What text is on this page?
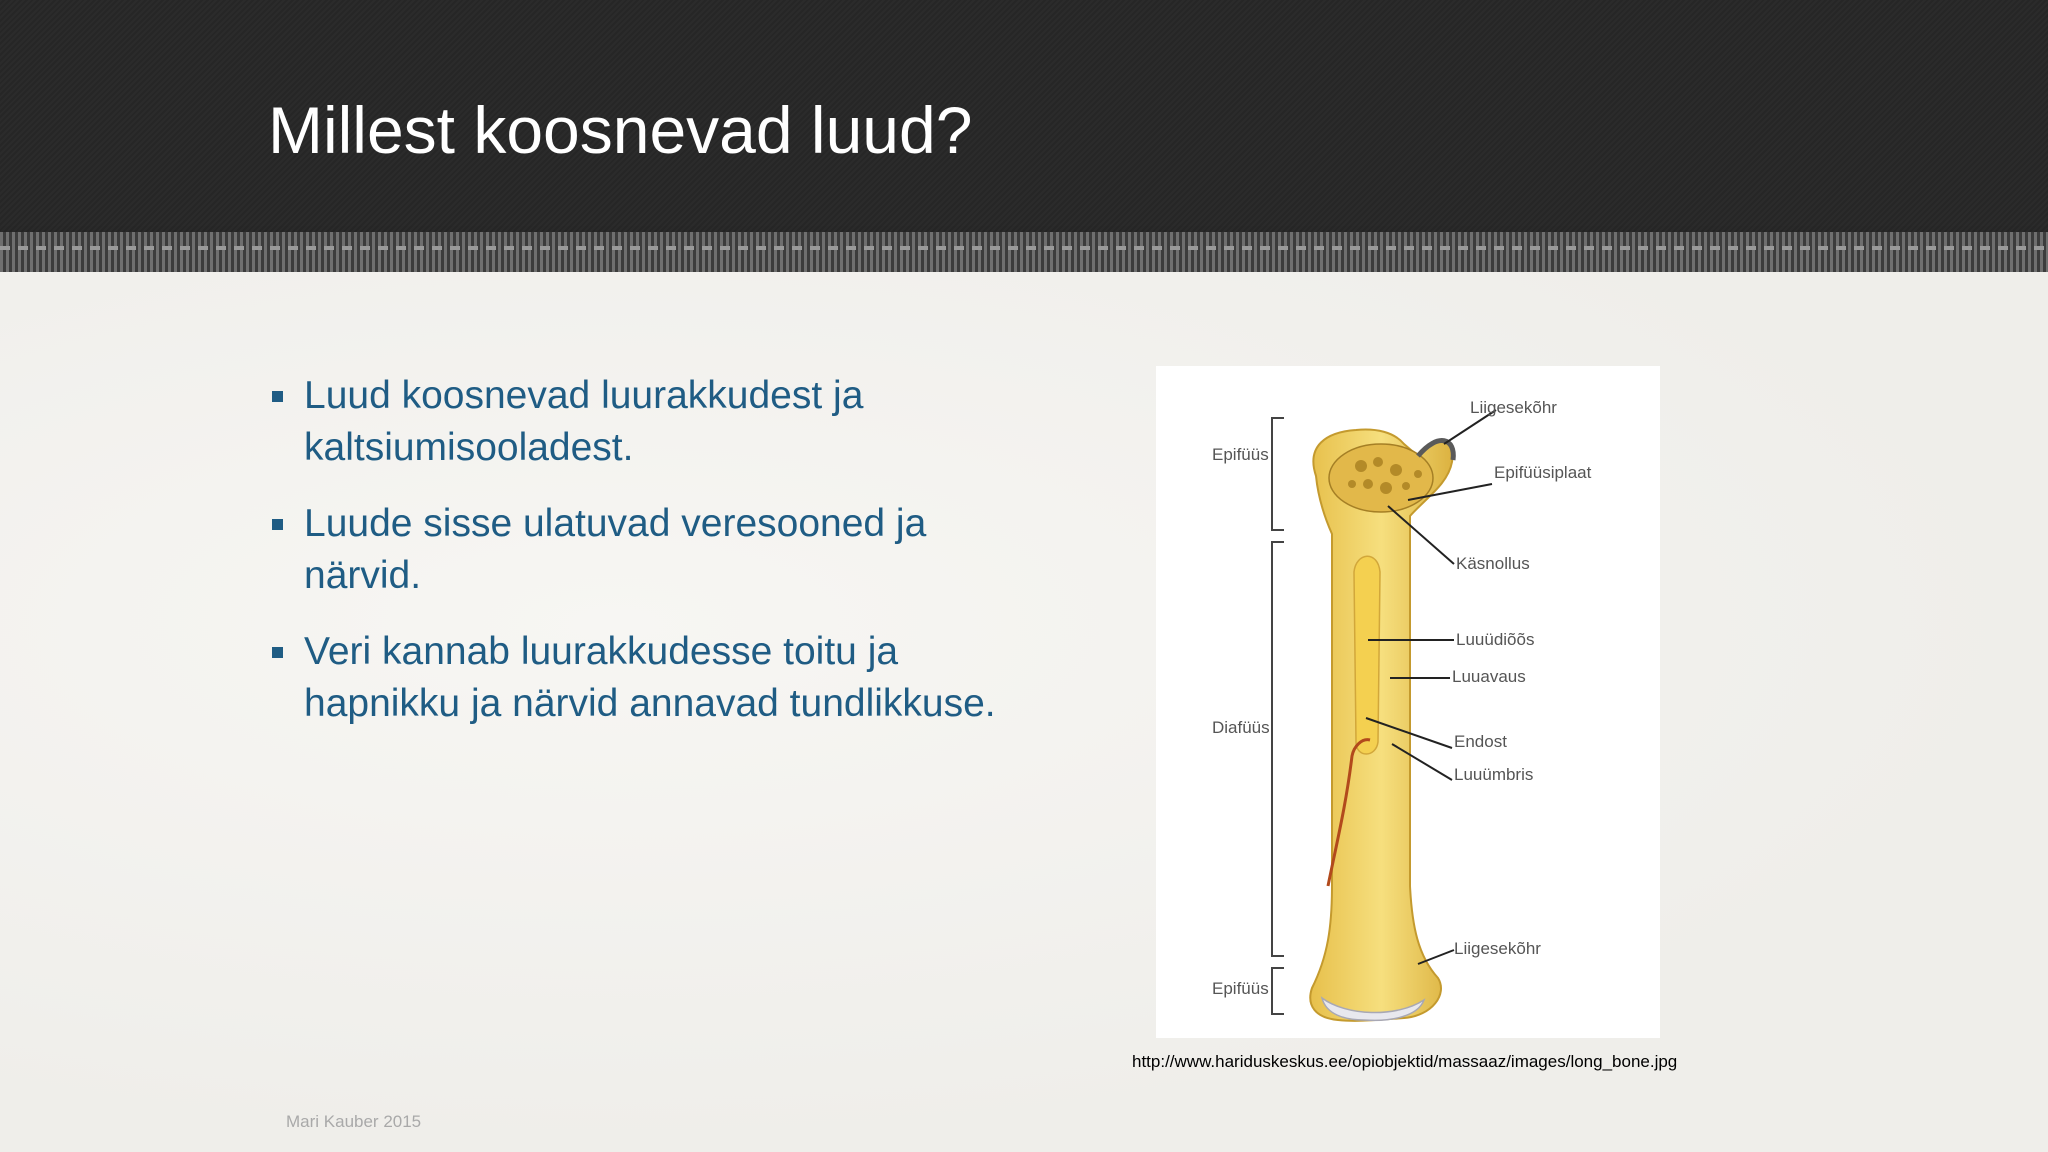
Millest koosnevad luud?
Luud koosnevad luurakkudest ja kaltsiumisooladest.
Luude sisse ulatuvad veresooned ja närvid.
Veri kannab luurakkudesse toitu ja hapnikku ja närvid annavad tundlikkuse.
Epifüüs
Diafüüs
Epifüüs
Liigesekõhr
Epifüüsiplaat
Käsnollus
Luuüdiõõs
Luuavaus
Endost
Luuümbris
Liigesekõhr
http://www.hariduskeskus.ee/opiobjektid/massaaz/images/long_bone.jpg
Mari Kauber 2015
